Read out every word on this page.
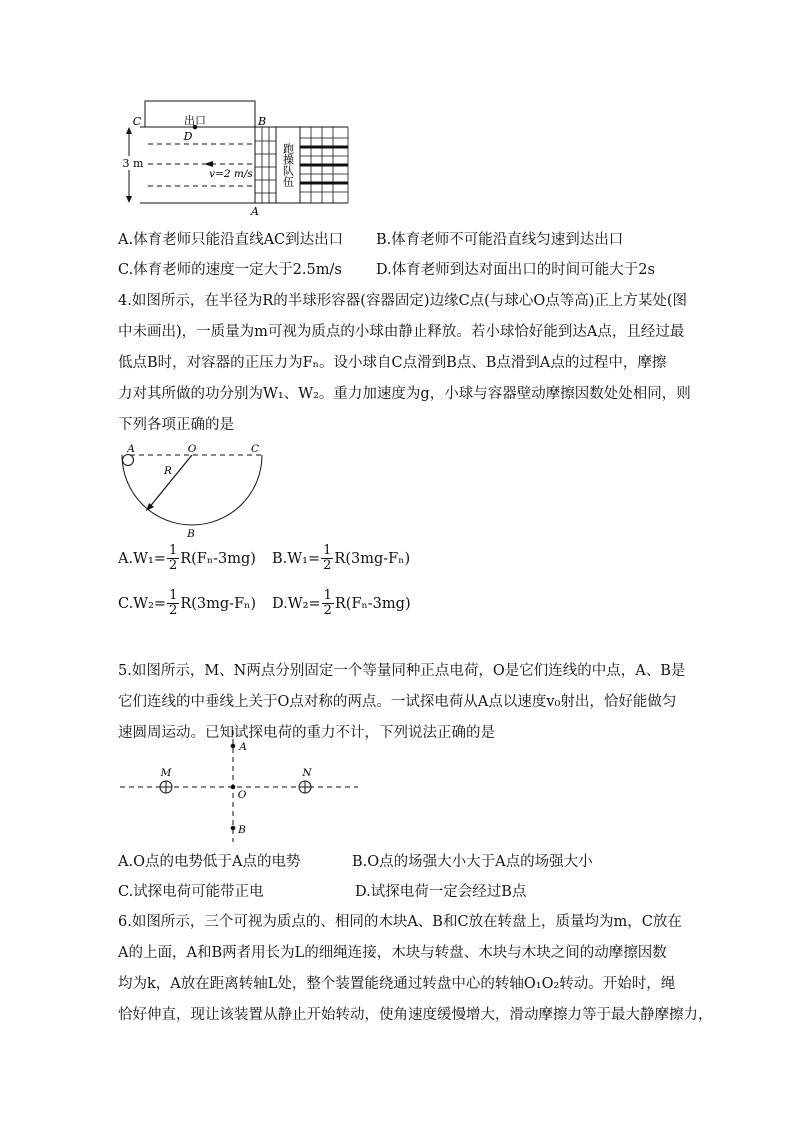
3 m
C	B
D
A
出口
v=2 m/s	跑操队伍
A.体育老师只能沿直线AC到达出口 B.体育老师不可能沿直线匀速到达出口
C.体育老师的速度一定大于2.5m/s D.体育老师到达对面出口的时间可能大于2s
4.如图所示，在半径为R的半球形容器(容器固定)边缘C点(与球心O点等高)正上方某处(图
中未画出)，一质量为m可视为质点的小球由静止释放。若小球恰好能到达A点，且经过最
低点B时，对容器的正压力为Fₙ。设小球自C点滑到B点、B点滑到A点的过程中，摩擦
力对其所做的功分别为W₁、W₂。重力加速度为g，小球与容器壁动摩擦因数处处相同，则
下列各项正确的是
A	O	C
R
B
$A.W_1= \frac{1}{2} R(F_n-3mg)$ $B.W_1= \frac{1}{2} R(3mg-F_n)$
$C.W_2= \frac{1}{2} R(3mg-F_n)$ $D.W_2= \frac{1}{2} R(F_n-3mg)$
5.如图所示，M、N两点分别固定一个等量同种正点电荷，O是它们连线的中点，A、B是
它们连线的中垂线上关于O点对称的两点。一试探电荷从A点以速度v₀射出，恰好能做匀
速圆周运动。已知试探电荷的重力不计，下列说法正确的是
A
M
O
N
B
A.O点的电势低于A点的电势	B.O点的场强大小大于A点的场强大小
C.试探电荷可能带正电	D.试探电荷一定会经过B点
6.如图所示，三个可视为质点的、相同的木块A、B和C放在转盘上，质量均为m，C放在
A的上面，A和B两者用长为L的细绳连接，木块与转盘、木块与木块之间的动摩擦因数
均为k，A放在距离转轴L处，整个装置能绕通过转盘中心的转轴O₁O₂转动。开始时，绳
恰好伸直，现让该装置从静止开始转动，使角速度缓慢增大，滑动摩擦力等于最大静摩擦力，
